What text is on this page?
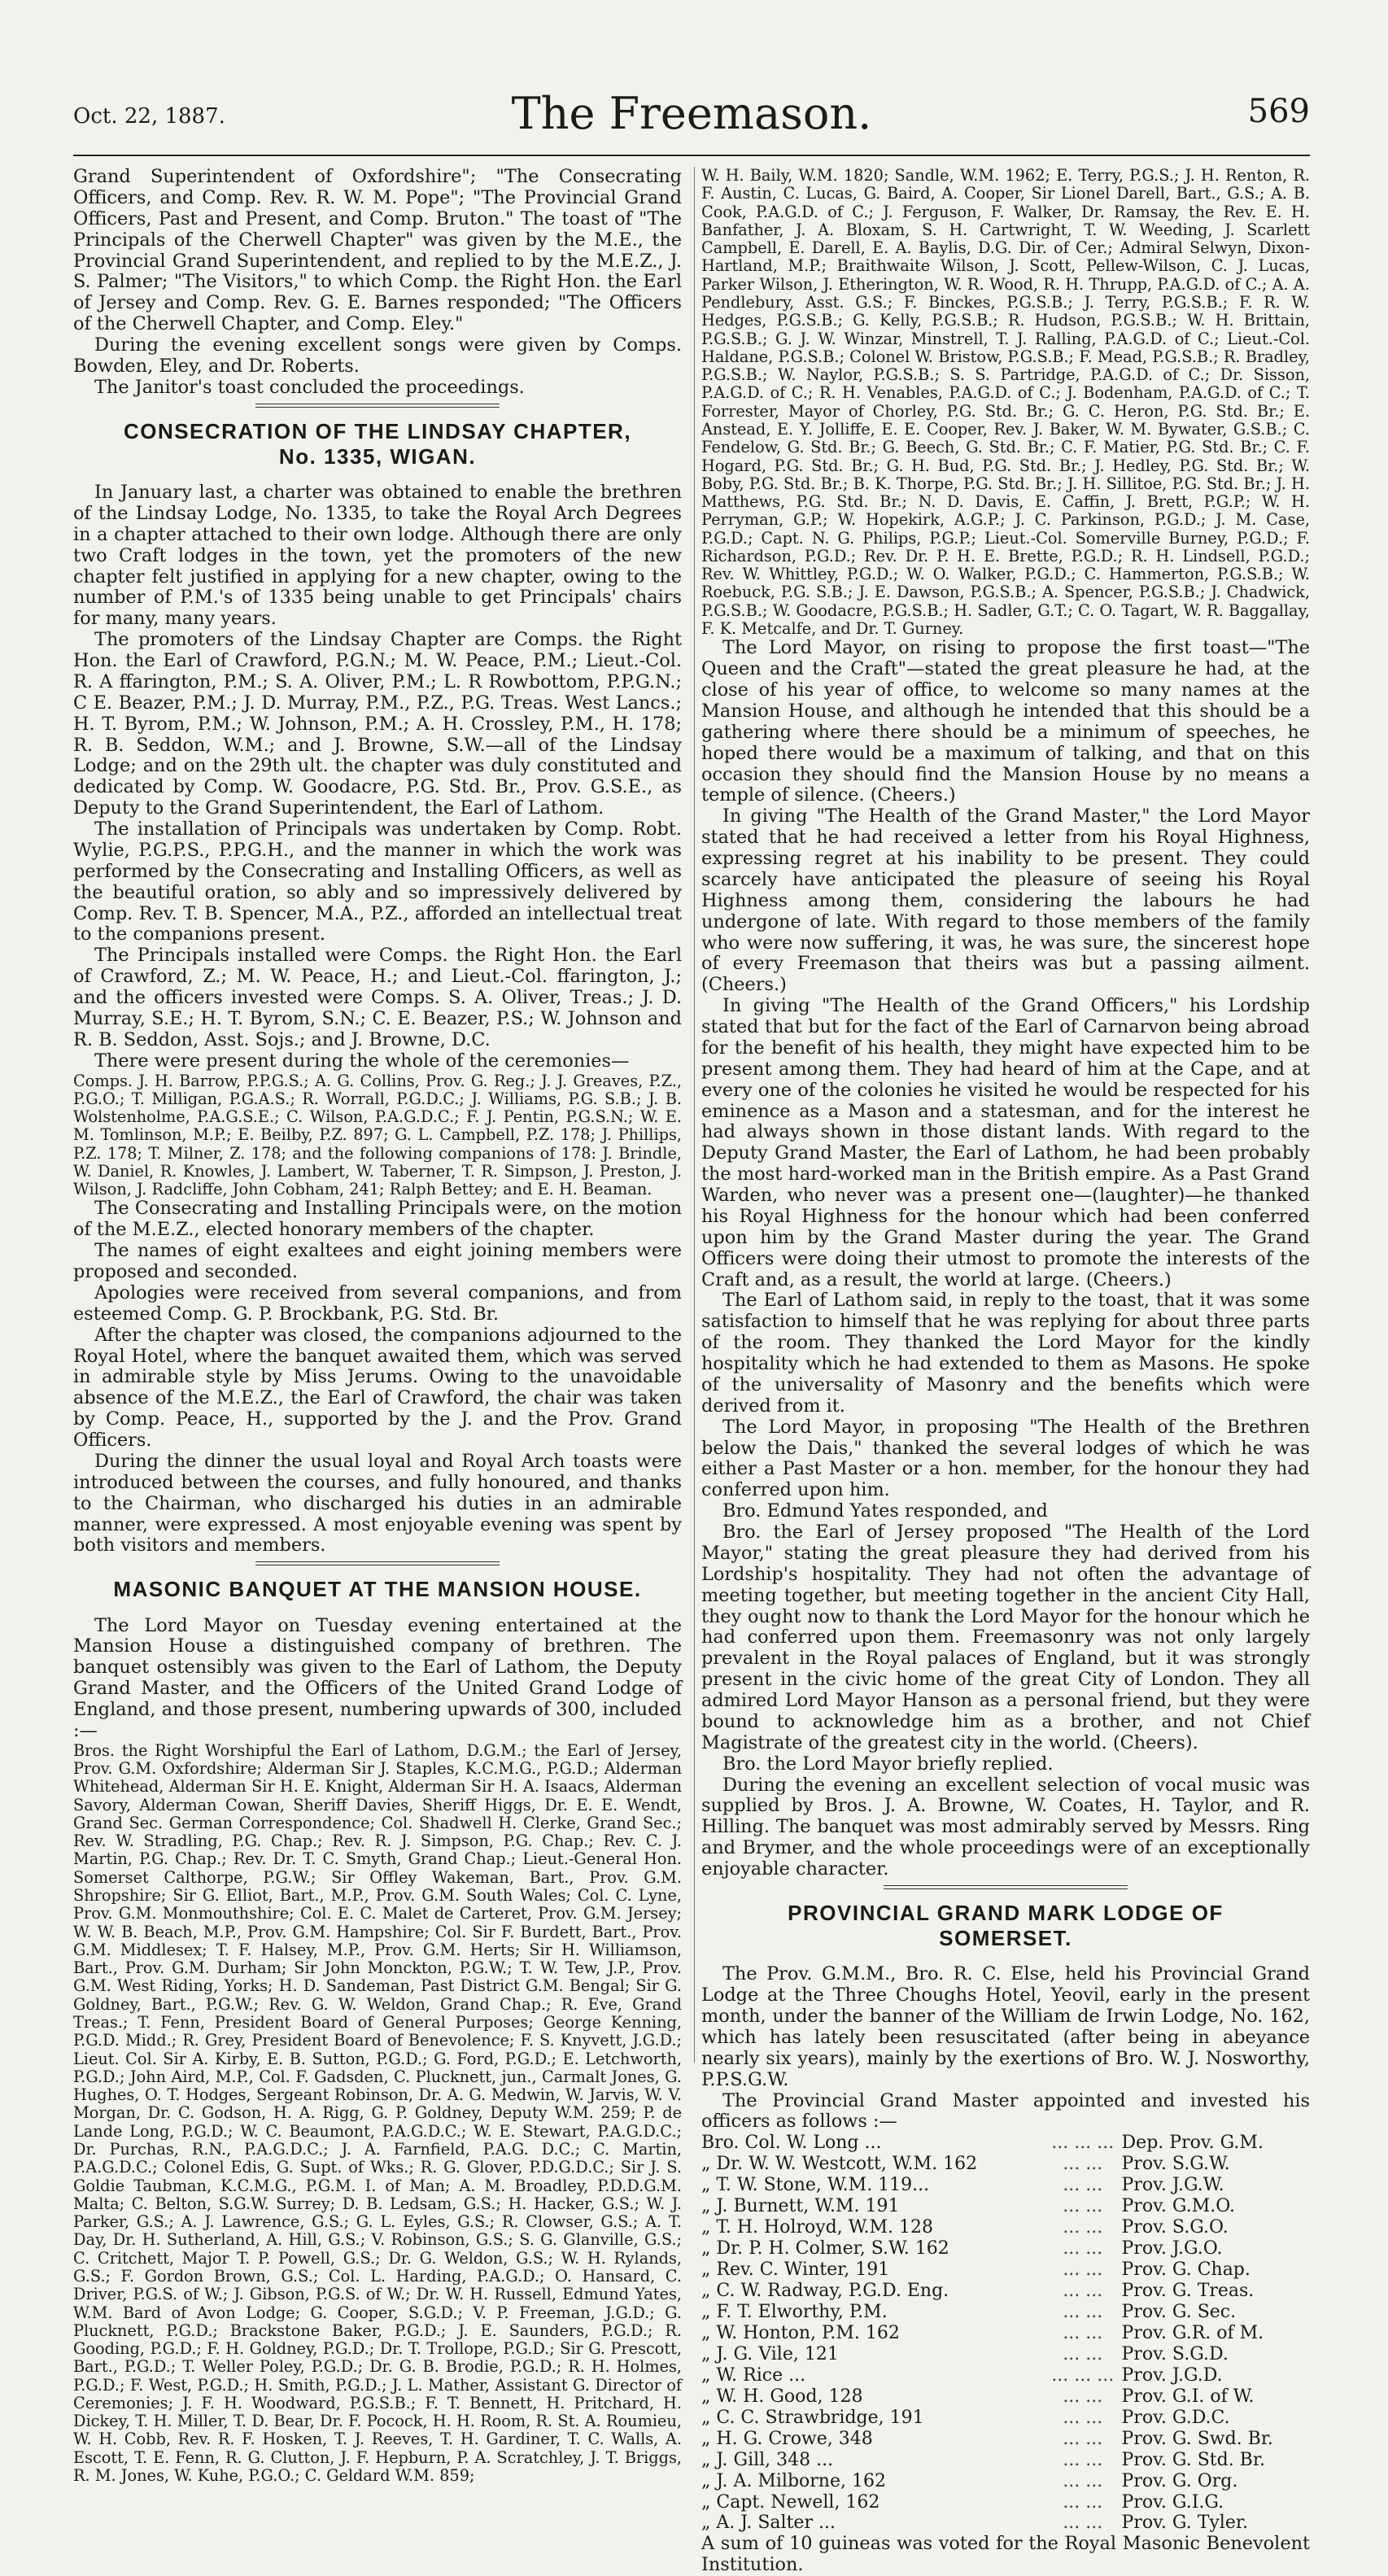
Oct. 22, 1887.	The Freemason.	569

Grand Superintendent of Oxfordshire"; "The Consecrating Officers, and Comp. Rev. R. W. M. Pope"; "The Provincial Grand Officers, Past and Present, and Comp. Bruton." The toast of "The Principals of the Cherwell Chapter" was given by the M.E., the Provincial Grand Superintendent, and replied to by the M.E.Z., J. S. Palmer; "The Visitors," to which Comp. the Right Hon. the Earl of Jersey and Comp. Rev. G. E. Barnes responded; "The Officers of the Cherwell Chapter, and Comp. Eley."

During the evening excellent songs were given by Comps. Bowden, Eley, and Dr. Roberts.

The Janitor's toast concluded the proceedings.

CONSECRATION OF THE LINDSAY CHAPTER,
No. 1335, WIGAN.

In January last, a charter was obtained to enable the brethren of the Lindsay Lodge, No. 1335, to take the Royal Arch Degrees in a chapter attached to their own lodge. Although there are only two Craft lodges in the town, yet the promoters of the new chapter felt justified in applying for a new chapter, owing to the number of P.M.'s of 1335 being unable to get Principals' chairs for many, many years.

The promoters of the Lindsay Chapter are Comps. the Right Hon. the Earl of Crawford, P.G.N.; M. W. Peace, P.M.; Lieut.-Col. R. A ffarington, P.M.; S. A. Oliver, P.M.; L. R Rowbottom, P.P.G.N.; C E. Beazer, P.M.; J. D. Murray, P.M., P.Z., P.G. Treas. West Lancs.; H. T. Byrom, P.M.; W. Johnson, P.M.; A. H. Crossley, P.M., H. 178; R. B. Seddon, W.M.; and J. Browne, S.W.—all of the Lindsay Lodge; and on the 29th ult. the chapter was duly constituted and dedicated by Comp. W. Goodacre, P.G. Std. Br., Prov. G.S.E., as Deputy to the Grand Superintendent, the Earl of Lathom.

The installation of Principals was undertaken by Comp. Robt. Wylie, P.G.P.S., P.P.G.H., and the manner in which the work was performed by the Consecrating and Installing Officers, as well as the beautiful oration, so ably and so impressively delivered by Comp. Rev. T. B. Spencer, M.A., P.Z., afforded an intellectual treat to the companions present.

The Principals installed were Comps. the Right Hon. the Earl of Crawford, Z.; M. W. Peace, H.; and Lieut.-Col. ffarington, J.; and the officers invested were Comps. S. A. Oliver, Treas.; J. D. Murray, S.E.; H. T. Byrom, S.N.; C. E. Beazer, P.S.; W. Johnson and R. B. Seddon, Asst. Sojs.; and J. Browne, D.C.

There were present during the whole of the ceremonies—

Comps. J. H. Barrow, P.P.G.S.; A. G. Collins, Prov. G. Reg.; J. J. Greaves, P.Z., P.G.O.; T. Milligan, P.G.A.S.; R. Worrall, P.G.D.C.; J. Williams, P.G. S.B.; J. B. Wolstenholme, P.A.G.S.E.; C. Wilson, P.A.G.D.C.; F. J. Pentin, P.G.S.N.; W. E. M. Tomlinson, M.P.; E. Beilby, P.Z. 897; G. L. Campbell, P.Z. 178; J. Phillips, P.Z. 178; T. Milner, Z. 178; and the following companions of 178: J. Brindle, W. Daniel, R. Knowles, J. Lambert, W. Taberner, T. R. Simpson, J. Preston, J. Wilson, J. Radcliffe, John Cobham, 241; Ralph Bettey; and E. H. Beaman.

The Consecrating and Installing Principals were, on the motion of the M.E.Z., elected honorary members of the chapter.

The names of eight exaltees and eight joining members were proposed and seconded.

Apologies were received from several companions, and from esteemed Comp. G. P. Brockbank, P.G. Std. Br.

After the chapter was closed, the companions adjourned to the Royal Hotel, where the banquet awaited them, which was served in admirable style by Miss Jerums. Owing to the unavoidable absence of the M.E.Z., the Earl of Crawford, the chair was taken by Comp. Peace, H., supported by the J. and the Prov. Grand Officers.

During the dinner the usual loyal and Royal Arch toasts were introduced between the courses, and fully honoured, and thanks to the Chairman, who discharged his duties in an admirable manner, were expressed. A most enjoyable evening was spent by both visitors and members.

MASONIC BANQUET AT THE MANSION HOUSE.

The Lord Mayor on Tuesday evening entertained at the Mansion House a distinguished company of brethren. The banquet ostensibly was given to the Earl of Lathom, the Deputy Grand Master, and the Officers of the United Grand Lodge of England, and those present, numbering upwards of 300, included :—

Bros. the Right Worshipful the Earl of Lathom, D.G.M.; the Earl of Jersey, Prov. G.M. Oxfordshire; Alderman Sir J. Staples, K.C.M.G., P.G.D.; Alderman Whitehead, Alderman Sir H. E. Knight, Alderman Sir H. A. Isaacs, Alderman Savory, Alderman Cowan, Sheriff Davies, Sheriff Higgs, Dr. E. E. Wendt, Grand Sec. German Correspondence; Col. Shadwell H. Clerke, Grand Sec.; Rev. W. Stradling, P.G. Chap.; Rev. R. J. Simpson, P.G. Chap.; Rev. C. J. Martin, P.G. Chap.; Rev. Dr. T. C. Smyth, Grand Chap.; Lieut.-General Hon. Somerset Calthorpe, P.G.W.; Sir Offley Wakeman, Bart., Prov. G.M. Shropshire; Sir G. Elliot, Bart., M.P., Prov. G.M. South Wales; Col. C. Lyne, Prov. G.M. Monmouthshire; Col. E. C. Malet de Carteret, Prov. G.M. Jersey; W. W. B. Beach, M.P., Prov. G.M. Hampshire; Col. Sir F. Burdett, Bart., Prov. G.M. Middlesex; T. F. Halsey, M.P., Prov. G.M. Herts; Sir H. Williamson, Bart., Prov. G.M. Durham; Sir John Monckton, P.G.W.; T. W. Tew, J.P., Prov. G.M. West Riding, Yorks; H. D. Sandeman, Past District G.M. Bengal; Sir G. Goldney, Bart., P.G.W.; Rev. G. W. Weldon, Grand Chap.; R. Eve, Grand Treas.; T. Fenn, President Board of General Purposes; George Kenning, P.G.D. Midd.; R. Grey, President Board of Benevolence; F. S. Knyvett, J.G.D.; Lieut. Col. Sir A. Kirby, E. B. Sutton, P.G.D.; G. Ford, P.G.D.; E. Letchworth, P.G.D.; John Aird, M.P., Col. F. Gadsden, C. Plucknett, jun., Carmalt Jones, G. Hughes, O. T. Hodges, Sergeant Robinson, Dr. A. G. Medwin, W. Jarvis, W. V. Morgan, Dr. C. Godson, H. A. Rigg, G. P. Goldney, Deputy W.M. 259; P. de Lande Long, P.G.D.; W. C. Beaumont, P.A.G.D.C.; W. E. Stewart, P.A.G.D.C.; Dr. Purchas, R.N., P.A.G.D.C.; J. A. Farnfield, P.A.G. D.C.; C. Martin, P.A.G.D.C.; Colonel Edis, G. Supt. of Wks.; R. G. Glover, P.D.G.D.C.; Sir J. S. Goldie Taubman, K.C.M.G., P.G.M. I. of Man; A. M. Broadley, P.D.D.G.M. Malta; C. Belton, S.G.W. Surrey; D. B. Ledsam, G.S.; H. Hacker, G.S.; W. J. Parker, G.S.; A. J. Lawrence, G.S.; G. L. Eyles, G.S.; R. Clowser, G.S.; A. T. Day, Dr. H. Sutherland, A. Hill, G.S.; V. Robinson, G.S.; S. G. Glanville, G.S.; C. Critchett, Major T. P. Powell, G.S.; Dr. G. Weldon, G.S.; W. H. Rylands, G.S.; F. Gordon Brown, G.S.; Col. L. Harding, P.A.G.D.; O. Hansard, C. Driver, P.G.S. of W.; J. Gibson, P.G.S. of W.; Dr. W. H. Russell, Edmund Yates, W.M. Bard of Avon Lodge; G. Cooper, S.G.D.; V. P. Freeman, J.G.D.; G. Plucknett, P.G.D.; Brackstone Baker, P.G.D.; J. E. Saunders, P.G.D.; R. Gooding, P.G.D.; F. H. Goldney, P.G.D.; Dr. T. Trollope, P.G.D.; Sir G. Prescott, Bart., P.G.D.; T. Weller Poley, P.G.D.; Dr. G. B. Brodie, P.G.D.; R. H. Holmes, P.G.D.; F. West, P.G.D.; H. Smith, P.G.D.; J. L. Mather, Assistant G. Director of Ceremonies; J. F. H. Woodward, P.G.S.B.; F. T. Bennett, H. Pritchard, H. Dickey, T. H. Miller, T. D. Bear, Dr. F. Pocock, H. H. Room, R. St. A. Roumieu, W. H. Cobb, Rev. R. F. Hosken, T. J. Reeves, T. H. Gardiner, T. C. Walls, A. Escott, T. E. Fenn, R. G. Clutton, J. F. Hepburn, P. A. Scratchley, J. T. Briggs, R. M. Jones, W. Kuhe, P.G.O.; C. Geldard W.M. 859;

W. H. Baily, W.M. 1820; Sandle, W.M. 1962; E. Terry, P.G.S.; J. H. Renton, R. F. Austin, C. Lucas, G. Baird, A. Cooper, Sir Lionel Darell, Bart., G.S.; A. B. Cook, P.A.G.D. of C.; J. Ferguson, F. Walker, Dr. Ramsay, the Rev. E. H. Banfather, J. A. Bloxam, S. H. Cartwright, T. W. Weeding, J. Scarlett Campbell, E. Darell, E. A. Baylis, D.G. Dir. of Cer.; Admiral Selwyn, Dixon-Hartland, M.P.; Braithwaite Wilson, J. Scott, Pellew-Wilson, C. J. Lucas, Parker Wilson, J. Etherington, W. R. Wood, R. H. Thrupp, P.A.G.D. of C.; A. A. Pendlebury, Asst. G.S.; F. Binckes, P.G.S.B.; J. Terry, P.G.S.B.; F. R. W. Hedges, P.G.S.B.; G. Kelly, P.G.S.B.; R. Hudson, P.G.S.B.; W. H. Brittain, P.G.S.B.; G. J. W. Winzar, Minstrell, T. J. Ralling, P.A.G.D. of C.; Lieut.-Col. Haldane, P.G.S.B.; Colonel W. Bristow, P.G.S.B.; F. Mead, P.G.S.B.; R. Bradley, P.G.S.B.; W. Naylor, P.G.S.B.; S. S. Partridge, P.A.G.D. of C.; Dr. Sisson, P.A.G.D. of C.; R. H. Venables, P.A.G.D. of C.; J. Bodenham, P.A.G.D. of C.; T. Forrester, Mayor of Chorley, P.G. Std. Br.; G. C. Heron, P.G. Std. Br.; E. Anstead, E. Y. Jolliffe, E. E. Cooper, Rev. J. Baker, W. M. Bywater, G.S.B.; C. Fendelow, G. Std. Br.; G. Beech, G. Std. Br.; C. F. Matier, P.G. Std. Br.; C. F. Hogard, P.G. Std. Br.; G. H. Bud, P.G. Std. Br.; J. Hedley, P.G. Std. Br.; W. Boby, P.G. Std. Br.; B. K. Thorpe, P.G. Std. Br.; J. H. Sillitoe, P.G. Std. Br.; J. H. Matthews, P.G. Std. Br.; N. D. Davis, E. Caffin, J. Brett, P.G.P.; W. H. Perryman, G.P.; W. Hopekirk, A.G.P.; J. C. Parkinson, P.G.D.; J. M. Case, P.G.D.; Capt. N. G. Philips, P.G.P.; Lieut.-Col. Somerville Burney, P.G.D.; F. Richardson, P.G.D.; Rev. Dr. P. H. E. Brette, P.G.D.; R. H. Lindsell, P.G.D.; Rev. W. Whittley, P.G.D.; W. O. Walker, P.G.D.; C. Hammerton, P.G.S.B.; W. Roebuck, P.G. S.B.; J. E. Dawson, P.G.S.B.; A. Spencer, P.G.S.B.; J. Chadwick, P.G.S.B.; W. Goodacre, P.G.S.B.; H. Sadler, G.T.; C. O. Tagart, W. R. Baggallay, F. K. Metcalfe, and Dr. T. Gurney.

The Lord Mayor, on rising to propose the first toast—"The Queen and the Craft"—stated the great pleasure he had, at the close of his year of office, to welcome so many names at the Mansion House, and although he intended that this should be a gathering where there should be a minimum of speeches, he hoped there would be a maximum of talking, and that on this occasion they should find the Mansion House by no means a temple of silence. (Cheers.)

In giving "The Health of the Grand Master," the Lord Mayor stated that he had received a letter from his Royal Highness, expressing regret at his inability to be present. They could scarcely have anticipated the pleasure of seeing his Royal Highness among them, considering the labours he had undergone of late. With regard to those members of the family who were now suffering, it was, he was sure, the sincerest hope of every Freemason that theirs was but a passing ailment. (Cheers.)

In giving "The Health of the Grand Officers," his Lordship stated that but for the fact of the Earl of Carnarvon being abroad for the benefit of his health, they might have expected him to be present among them. They had heard of him at the Cape, and at every one of the colonies he visited he would be respected for his eminence as a Mason and a statesman, and for the interest he had always shown in those distant lands. With regard to the Deputy Grand Master, the Earl of Lathom, he had been probably the most hard-worked man in the British empire. As a Past Grand Warden, who never was a present one—(laughter)—he thanked his Royal Highness for the honour which had been conferred upon him by the Grand Master during the year. The Grand Officers were doing their utmost to promote the interests of the Craft and, as a result, the world at large. (Cheers.)

The Earl of Lathom said, in reply to the toast, that it was some satisfaction to himself that he was replying for about three parts of the room. They thanked the Lord Mayor for the kindly hospitality which he had extended to them as Masons. He spoke of the universality of Masonry and the benefits which were derived from it.

The Lord Mayor, in proposing "The Health of the Brethren below the Dais," thanked the several lodges of which he was either a Past Master or a hon. member, for the honour they had conferred upon him.

Bro. Edmund Yates responded, and

Bro. the Earl of Jersey proposed "The Health of the Lord Mayor," stating the great pleasure they had derived from his Lordship's hospitality. They had not often the advantage of meeting together, but meeting together in the ancient City Hall, they ought now to thank the Lord Mayor for the honour which he had conferred upon them. Freemasonry was not only largely prevalent in the Royal palaces of England, but it was strongly present in the civic home of the great City of London. They all admired Lord Mayor Hanson as a personal friend, but they were bound to acknowledge him as a brother, and not Chief Magistrate of the greatest city in the world. (Cheers).

Bro. the Lord Mayor briefly replied.

During the evening an excellent selection of vocal music was supplied by Bros. J. A. Browne, W. Coates, H. Taylor, and R. Hilling. The banquet was most admirably served by Messrs. Ring and Brymer, and the whole proceedings were of an exceptionally enjoyable character.

PROVINCIAL GRAND MARK LODGE OF
SOMERSET.

The Prov. G.M.M., Bro. R. C. Else, held his Provincial Grand Lodge at the Three Choughs Hotel, Yeovil, early in the present month, under the banner of the William de Irwin Lodge, No. 162, which has lately been resuscitated (after being in abeyance nearly six years), mainly by the exertions of Bro. W. J. Nosworthy, P.P.S.G.W.

The Provincial Grand Master appointed and invested his officers as follows :—

Bro. Col. W. Long ...	... ... ...	Dep. Prov. G.M.
„ Dr. W. W. Westcott, W.M. 162	... ...	Prov. S.G.W.
„ T. W. Stone, W.M. 119...	... ...	Prov. J.G.W.
„ J. Burnett, W.M. 191	... ...	Prov. G.M.O.
„ T. H. Holroyd, W.M. 128	... ...	Prov. S.G.O.
„ Dr. P. H. Colmer, S.W. 162	... ...	Prov. J.G.O.
„ Rev. C. Winter, 191	... ...	Prov. G. Chap.
„ C. W. Radway, P.G.D. Eng.	... ...	Prov. G. Treas.
„ F. T. Elworthy, P.M.	... ...	Prov. G. Sec.
„ W. Honton, P.M. 162	... ...	Prov. G.R. of M.
„ J. G. Vile, 121	... ...	Prov. S.G.D.
„ W. Rice ...	... ... ...	Prov. J.G.D.
„ W. H. Good, 128	... ...	Prov. G.I. of W.
„ C. C. Strawbridge, 191	... ...	Prov. G.D.C.
„ H. G. Crowe, 348	... ...	Prov. G. Swd. Br.
„ J. Gill, 348 ...	... ...	Prov. G. Std. Br.
„ J. A. Milborne, 162	... ...	Prov. G. Org.
„ Capt. Newell, 162	... ...	Prov. G.I.G.
„ A. J. Salter ...	... ...	Prov. G. Tyler.

A sum of 10 guineas was voted for the Royal Masonic Benevolent Institution.
